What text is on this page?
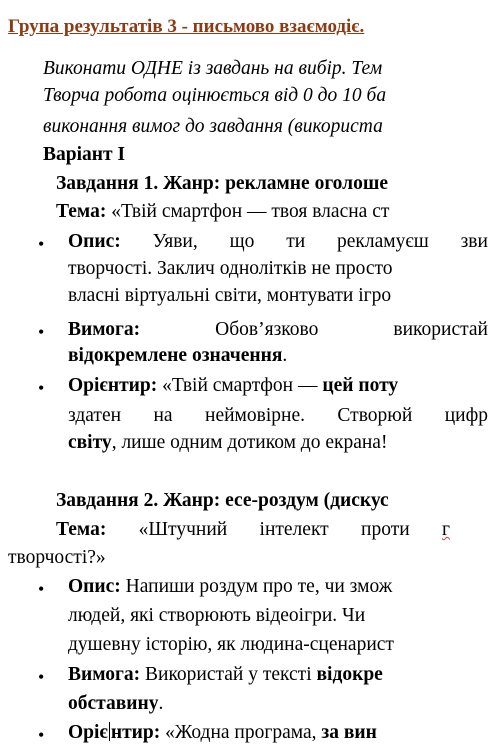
Група результатів 3 - письмово взаємодіє.
Виконати ОДНЕ із завдань на вибір. Тем
Творча робота оцінюється від 0 до 10 ба
виконання вимог до завдання (використа
Варіант І
Завдання 1. Жанр: рекламне оголоше
Тема: «Твій смартфон — твоя власна ст
•
Опис: Уяви, що ти рекламуєш зви
творчості. Заклич однолітків не просто
власні віртуальні світи, монтувати ігро
•
Вимога:	Обов’язково	використай
відокремлене означення.
•
Орієнтир: «Твій смартфон — цей поту
здатен на неймовірне. Створюй цифр
світу, лише одним дотиком до екрана!
Завдання 2. Жанр: есе-роздум (дискус
Тема: «Штучний інтелект проти г
творчості?»
•
Опис: Напиши роздум про те, чи змож
людей, які створюють відеоігри. Чи
душевну історію, як людина-сценарист
•
Вимога: Використай у тексті відокре
обставину.
•
Оріє нтир: «Жодна програма, за вин
